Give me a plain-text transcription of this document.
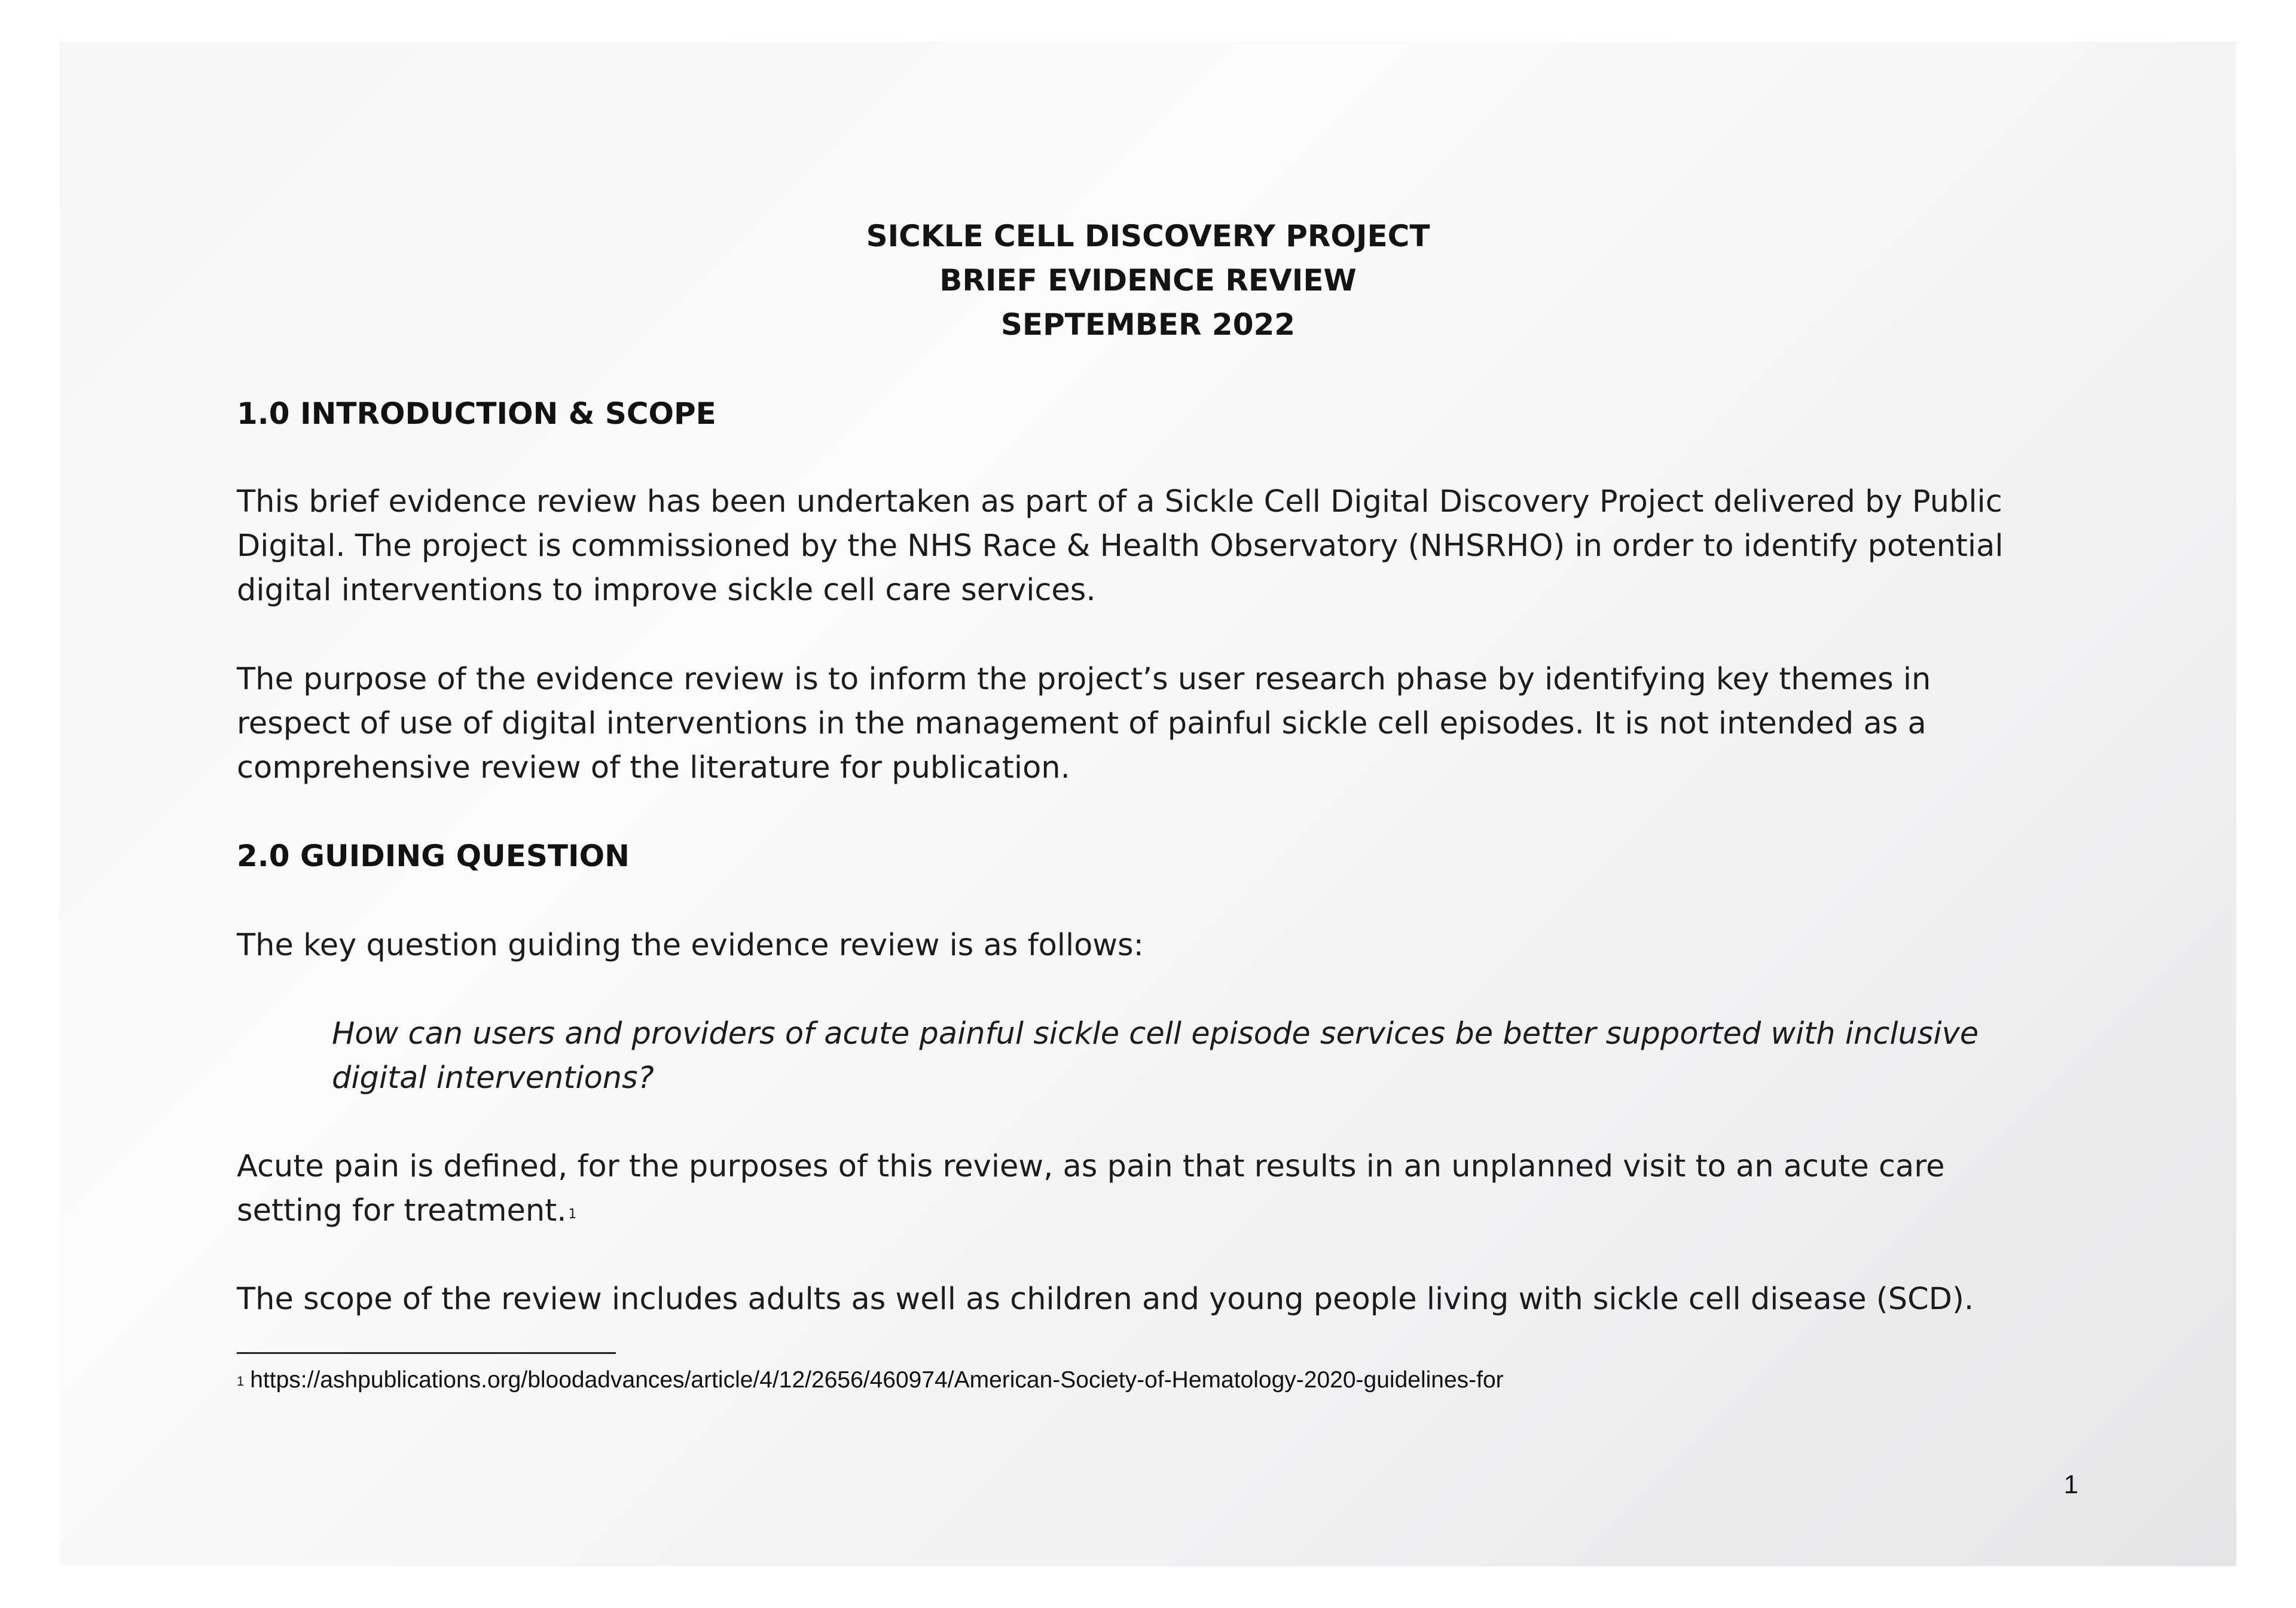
SICKLE CELL DISCOVERY PROJECT
BRIEF EVIDENCE REVIEW
SEPTEMBER 2022
1.0 INTRODUCTION & SCOPE
This brief evidence review has been undertaken as part of a Sickle Cell Digital Discovery Project delivered by Public
Digital. The project is commissioned by the NHS Race & Health Observatory (NHSRHO) in order to identify potential
digital interventions to improve sickle cell care services.
The purpose of the evidence review is to inform the project’s user research phase by identifying key themes in
respect of use of digital interventions in the management of painful sickle cell episodes. It is not intended as a
comprehensive review of the literature for publication.
2.0 GUIDING QUESTION
The key question guiding the evidence review is as follows:
How can users and providers of acute painful sickle cell episode services be better supported with inclusive
digital interventions?
Acute pain is defined, for the purposes of this review, as pain that results in an unplanned visit to an acute care
setting for treatment. $^1$
The scope of the review includes adults as well as children and young people living with sickle cell disease (SCD).
$^1$ https://ashpublications.org/bloodadvances/article/4/12/2656/460974/American-Society-of-Hematology-2020-guidelines-for
1
